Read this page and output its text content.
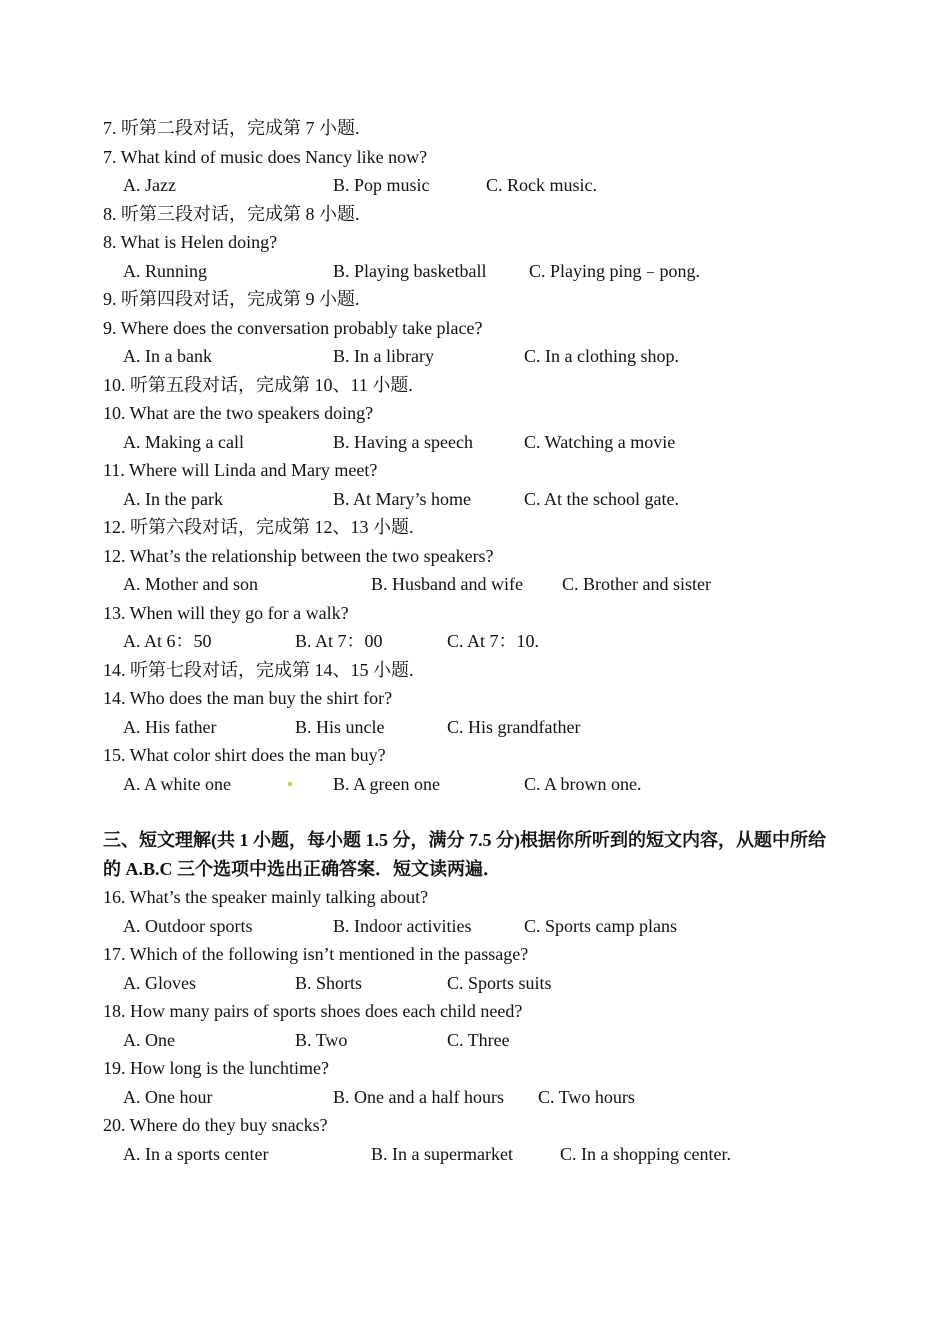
7. 听第二段对话，完成第 7 小题.
7. What kind of music does Nancy like now?
A. Jazz	B. Pop music	C. Rock music.
8. 听第三段对话，完成第 8 小题.
8. What is Helen doing?
A. Running	B. Playing basketball C. Playing ping﹣pong.
9. 听第四段对话，完成第 9 小题.
9. Where does the conversation probably take place?
A. In a bank	B. In a library	C. In a clothing shop.
10. 听第五段对话，完成第 10、11 小题.
10. What are the two speakers doing?
A. Making a call	B. Having a speech	C. Watching a movie
11. Where will Linda and Mary meet?
A. In the park	B. At Mary’s home	C. At the school gate.
12. 听第六段对话，完成第 12、13 小题.
12. What’s the relationship between the two speakers?
A. Mother and son	B. Husband and wife C. Brother and sister
13. When will they go for a walk?
A. At 6：50	B. At 7：00	C. At 7：10.
14. 听第七段对话，完成第 14、15 小题.
14. Who does the man buy the shirt for?
A. His father	B. His uncle	C. His grandfather
15. What color shirt does the man buy?
A. A white one	B. A green one	C. A brown one.
三、短文理解(共 1 小题，每小题 1.5 分，满分 7.5 分)根据你所听到的短文内容，从题中所给
的 A.B.C 三个选项中选出正确答案．短文读两遍．
16. What’s the speaker mainly talking about?
A. Outdoor sports	B. Indoor activities	C. Sports camp plans
17. Which of the following isn’t mentioned in the passage?
A. Gloves	B. Shorts	C. Sports suits
18. How many pairs of sports shoes does each child need?
A. One	B. Two	C. Three
19. How long is the lunchtime?
A. One hour	B. One and a half hours C. Two hours
20. Where do they buy snacks?
A. In a sports center	B. In a supermarket	C. In a shopping center.
